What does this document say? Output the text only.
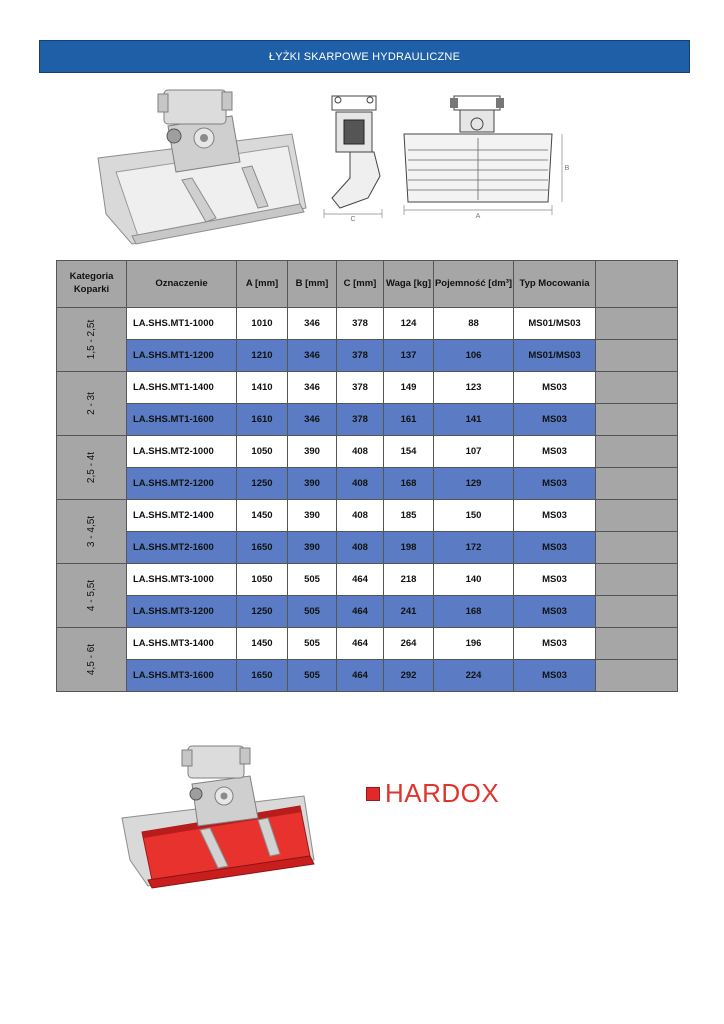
ŁYŻKI SKARPOWE HYDRAULICZNE
C	A
B
Kategoria Koparki	Oznaczenie	A [mm]	B [mm]	C [mm]	Waga [kg]	Pojemność [dm³]	Typ Mocowania	
1,5 - 2,5t	LA.SHS.MT1-1000	1010	346	378	124	88	MS01/MS03	
	LA.SHS.MT1-1200	1210	346	378	137	106	MS01/MS03	
2 - 3t	LA.SHS.MT1-1400	1410	346	378	149	123	MS03	
	LA.SHS.MT1-1600	1610	346	378	161	141	MS03	
2,5 - 4t	LA.SHS.MT2-1000	1050	390	408	154	107	MS03	
	LA.SHS.MT2-1200	1250	390	408	168	129	MS03	
3 - 4,5t	LA.SHS.MT2-1400	1450	390	408	185	150	MS03	
	LA.SHS.MT2-1600	1650	390	408	198	172	MS03	
4 - 5,5t	LA.SHS.MT3-1000	1050	505	464	218	140	MS03	
	LA.SHS.MT3-1200	1250	505	464	241	168	MS03	
4,5 - 6t	LA.SHS.MT3-1400	1450	505	464	264	196	MS03	
	LA.SHS.MT3-1600	1650	505	464	292	224	MS03	
HARDOX
